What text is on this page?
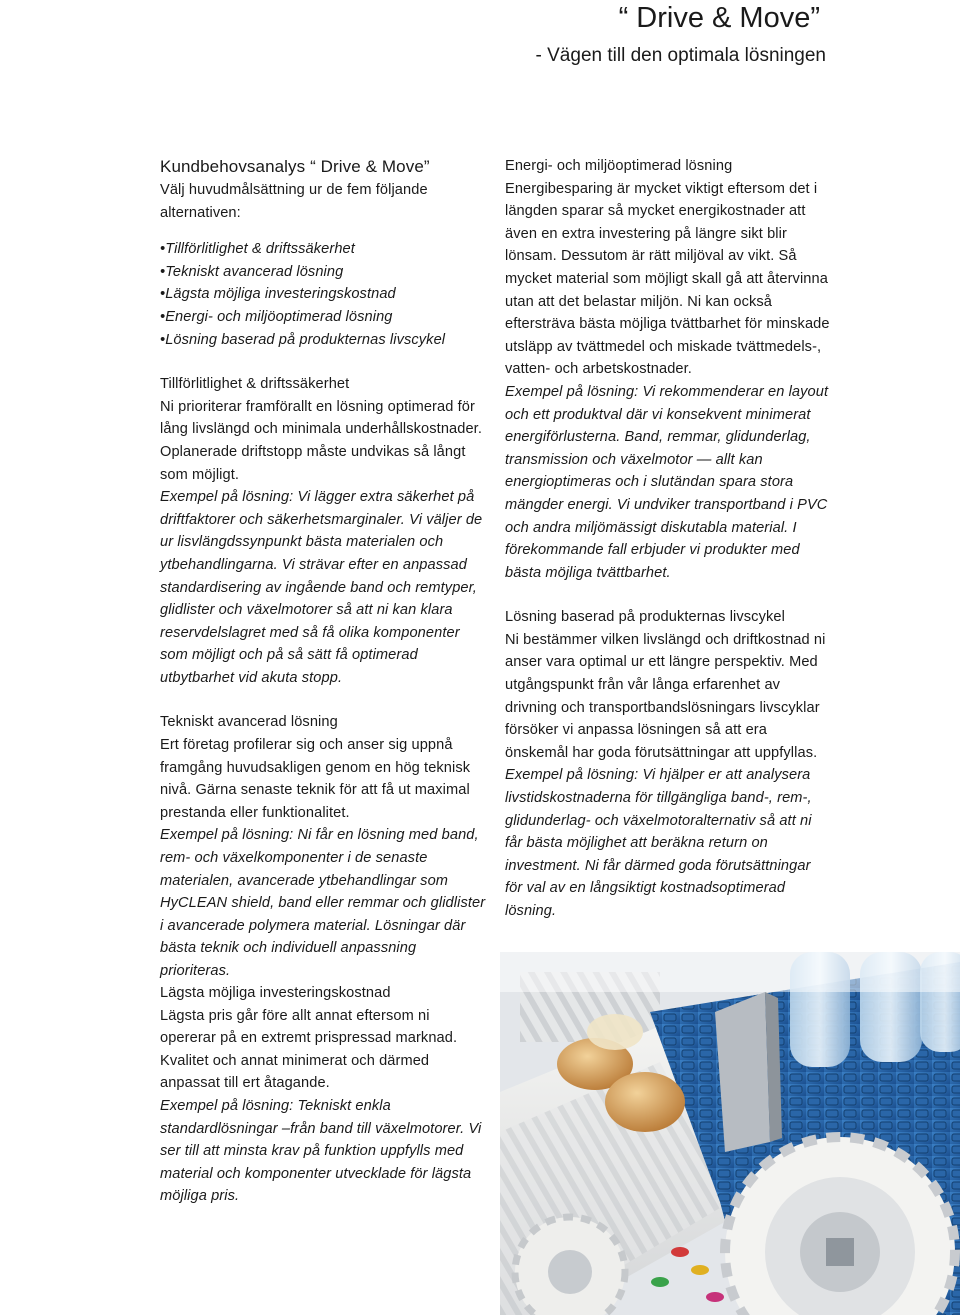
“ Drive & Move”
- Vägen till den optimala lösningen
Kundbehovsanalys “ Drive & Move”

Välj huvudmålsättning ur de fem följande alternativen:

• Tillförlitlighet & driftssäkerhet
• Tekniskt avancerad lösning
• Lägsta möjliga investeringskostnad
• Energi- och miljöoptimerad lösning
• Lösning baserad på produkternas livscykel
Tillförlitlighet & driftssäkerhet

Ni prioriterar framförallt en lösning optimerad för lång livslängd och minimala underhållskostnader. Oplanerade driftstopp måste undvikas så långt som möjligt.

Exempel på lösning: Vi lägger extra säkerhet på driftfaktorer och säkerhetsmarginaler. Vi väljer de ur lisvlängdssynpunkt bästa materialen och ytbehandlingarna. Vi strävar efter en anpassad standardisering av ingående band och remtyper, glidlister och växelmotorer så att ni kan klara reservdelslagret med så få olika komponenter som möjligt och på så sätt få optimerad utbytbarhet vid akuta stopp.

Tekniskt avancerad lösning

Ert företag profilerar sig och anser sig uppnå framgång huvudsakligen genom en hög teknisk nivå. Gärna senaste teknik för att få ut maximal prestanda eller funktionalitet.

Exempel på lösning: Ni får en lösning med band, rem- och växelkomponenter i de senaste materialen, avancerade ytbehandlingar som HyCLEAN shield, band eller remmar och glidlister i avancerade polymera material. Lösningar där bästa teknik och individuell anpassning prioriteras.

Lägsta möjliga investeringskostnad

Lägsta pris går före allt annat eftersom ni opererar på en extremt prispressad marknad. Kvalitet och annat minimerat och därmed anpassat till ert åtagande.

Exempel på lösning: Tekniskt enkla standardlösningar –från band till växelmotorer. Vi ser till att minsta krav på funktion uppfylls med material och komponenter utvecklade för lägsta möjliga pris.

Energi- och miljöoptimerad lösning

Energibesparing är mycket viktigt eftersom det i längden sparar så mycket energikostnader att även en extra investering på längre sikt blir lönsam. Dessutom är rätt miljöval av vikt. Så mycket material som möjligt skall gå att återvinna utan att det belastar miljön. Ni kan också eftersträva bästa möjliga tvättbarhet för minskade utsläpp av tvättmedel och miskade tvättmedels-, vatten- och arbetskostnader.

Exempel på lösning: Vi rekommenderar en layout och ett produktval där vi konsekvent minimerat energiförlusterna. Band, remmar, glidunderlag, transmission och växelmotor — allt kan energioptimeras och i slutändan spara stora mängder energi. Vi undviker transportband i PVC och andra miljömässigt diskutabla material. I förekommande fall erbjuder vi produkter med bästa möjliga tvättbarhet.

Lösning baserad på produkternas livscykel

Ni bestämmer vilken livslängd och driftkostnad ni anser vara optimal ur ett längre perspektiv. Med utgångspunkt från vår långa erfarenhet av drivning och transportbandslösningars livscyklar försöker vi anpassa lösningen så att era önskemål har goda förutsättningar att uppfyllas.

Exempel på lösning: Vi hjälper er att analysera livstidskostnaderna för tillgängliga band-, rem-, glidunderlag- och växelmotoralternativ så att ni får bästa möjlighet att beräkna return on investment. Ni får därmed goda förutsättningar för val av en långsiktigt kostnadsoptimerad lösning.
